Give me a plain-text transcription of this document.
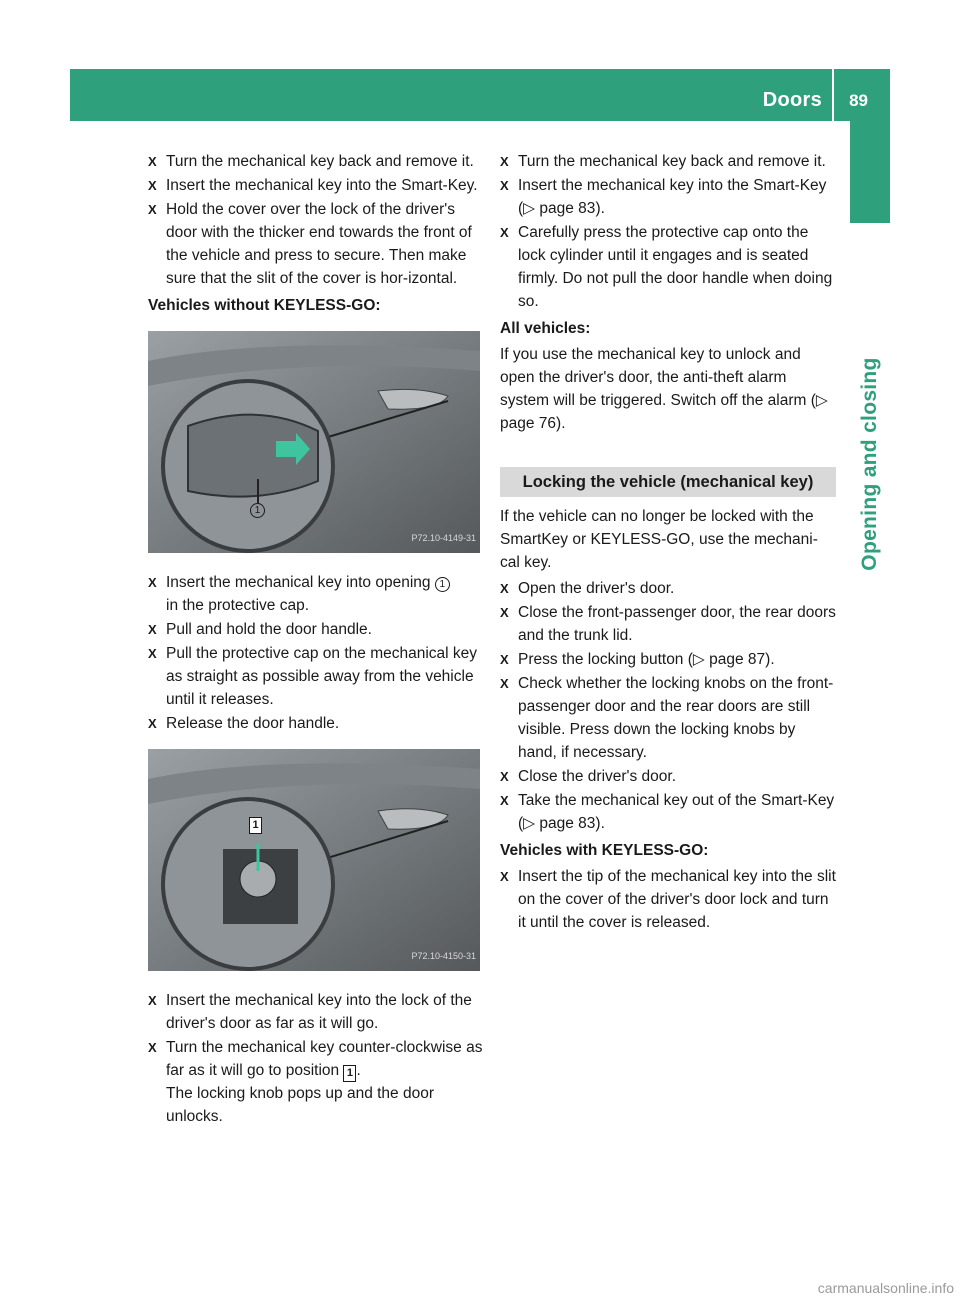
Doors 89
Opening and closing
X Turn the mechanical key back and remove it.
X Insert the mechanical key into the Smart-Key.
X Hold the cover over the lock of the driver's door with the thicker end towards the front of the vehicle and press to secure. Then make sure that the slit of the cover is hor-izontal.
Vehicles without KEYLESS-GO:
1
P72.10-4149-31
X Insert the mechanical key into opening 1
in the protective cap.
X Pull and hold the door handle.
X Pull the protective cap on the mechanical key as straight as possible away from the vehicle until it releases.
X Release the door handle.
1
P72.10-4150-31
X Insert the mechanical key into the lock of the driver's door as far as it will go.
X Turn the mechanical key counter-clockwise as far as it will go to position 1 .
The locking knob pops up and the door unlocks.
X Turn the mechanical key back and remove it.
X Insert the mechanical key into the Smart-Key (▷ page 83).
X Carefully press the protective cap onto the lock cylinder until it engages and is seated firmly. Do not pull the door handle when doing so.
All vehicles:
If you use the mechanical key to unlock and open the driver's door, the anti-theft alarm system will be triggered. Switch off the alarm (▷ page 76).
Locking the vehicle (mechanical key)
If the vehicle can no longer be locked with the SmartKey or KEYLESS-GO, use the mechani-cal key.
X Open the driver's door.
X Close the front-passenger door, the rear doors and the trunk lid.
X Press the locking button (▷ page 87).
X Check whether the locking knobs on the front-passenger door and the rear doors are still visible. Press down the locking knobs by hand, if necessary.
X Close the driver's door.
X Take the mechanical key out of the Smart-Key (▷ page 83).
Vehicles with KEYLESS-GO:
X Insert the tip of the mechanical key into the slit on the cover of the driver's door lock and turn it until the cover is released.
carmanualsonline.info
